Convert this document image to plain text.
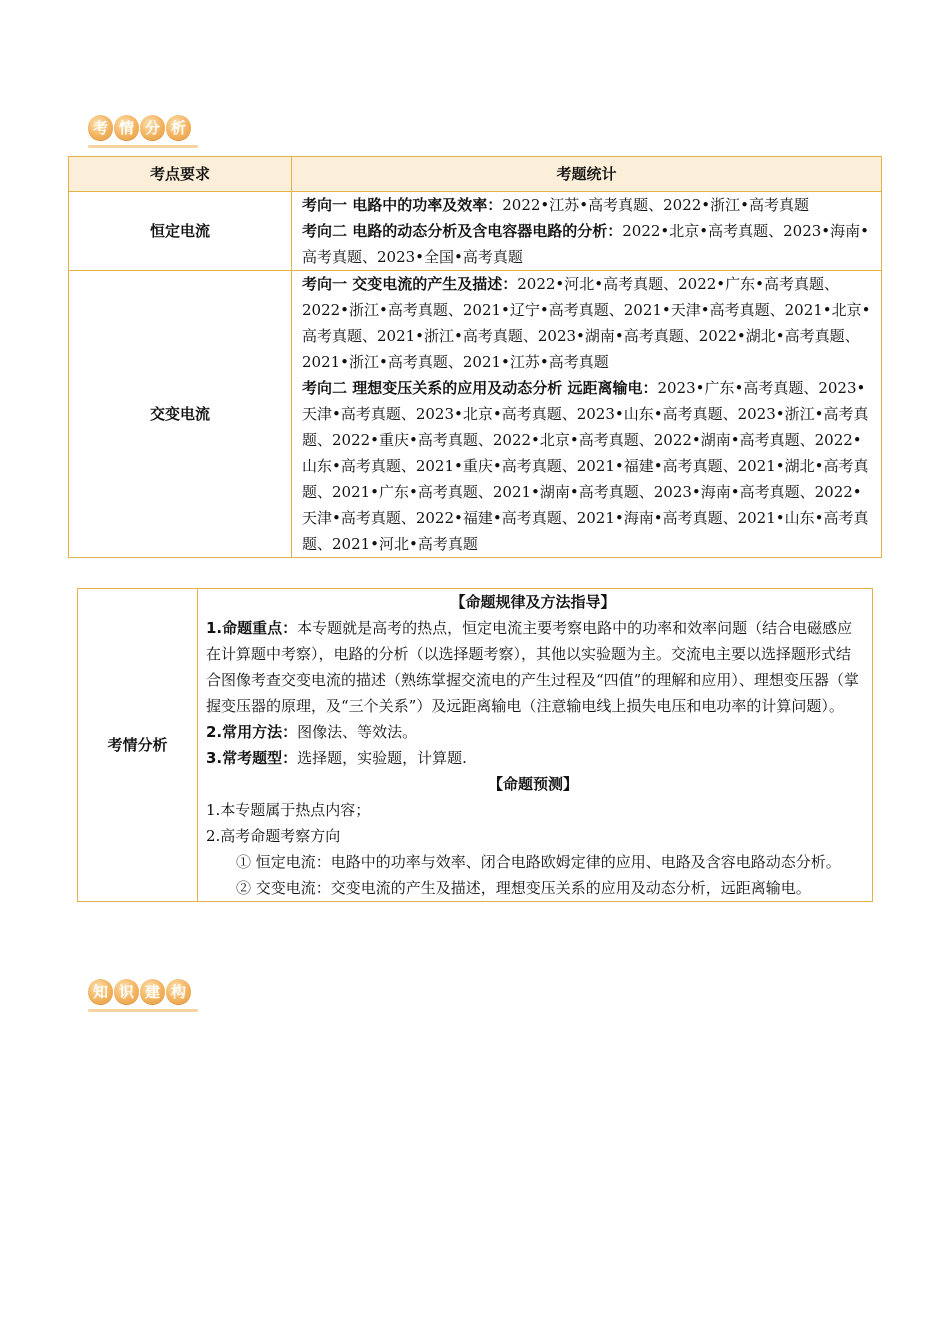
考 情 分 析
考点要求	考题统计
恒定电流	考向一 电路中的功率及效率：2022•江苏•高考真题、2022•浙江•高考真题
考向二 电路的动态分析及含电容器电路的分析：2022•北京•高考真题、2023•海南•高考真题、2023•全国•高考真题

交变电流	考向一 交变电流的产生及描述：2022•河北•高考真题、2022•广东•高考真题、2022•浙江•高考真题、2021•辽宁•高考真题、2021•天津•高考真题、2021•北京•高考真题、2021•浙江•高考真题、2023•湖南•高考真题、2022•湖北•高考真题、2021•浙江•高考真题、2021•江苏•高考真题
考向二 理想变压关系的应用及动态分析 远距离输电：2023•广东•高考真题、2023•天津•高考真题、2023•北京•高考真题、2023•山东•高考真题、2023•浙江•高考真题、2022•重庆•高考真题、2022•北京•高考真题、2022•湖南•高考真题、2022•山东•高考真题、2021•重庆•高考真题、2021•福建•高考真题、2021•湖北•高考真题、2021•广东•高考真题、2021•湖南•高考真题、2023•海南•高考真题、2022•天津•高考真题、2022•福建•高考真题、2021•海南•高考真题、2021•山东•高考真题、2021•河北•高考真题
考情分析	
【命题规律及方法指导】
1.命题重点：本专题就是高考的热点，恒定电流主要考察电路中的功率和效率问题（结合电磁感应在计算题中考察），电路的分析（以选择题考察），其他以实验题为主。交流电主要以选择题形式结合图像考查交变电流的描述（熟练掌握交流电的产生过程及“四值”的理解和应用）、理想变压器（掌握变压器的原理，及“三个关系”）及远距离输电（注意输电线上损失电压和电功率的计算问题）。
2.常用方法：图像法、等效法。
3.常考题型：选择题，实验题，计算题.
【命题预测】
1.本专题属于热点内容；
2.高考命题考察方向
① 恒定电流：电路中的功率与效率、闭合电路欧姆定律的应用、电路及含容电路动态分析。
② 交变电流：交变电流的产生及描述，理想变压关系的应用及动态分析，远距离输电。
知 识 建 构
